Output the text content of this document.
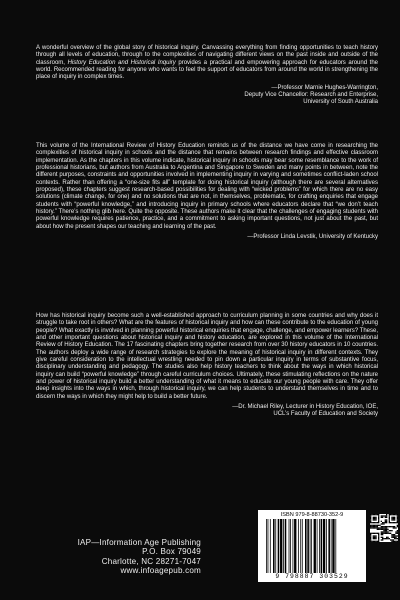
A wonderful overview of the global story of historical inquiry. Canvassing everything from finding opportunities to teach history through all levels of education, through to the complexities of navigating different views on the past inside and outside of the classroom, History Education and Historical Inquiry provides a practical and empowering approach for educators around the world. Recommended reading for anyone who wants to feel the support of educators from around the world in strengthening the place of inquiry in complex times.

—Professor Marnie Hughes-Warrington,
Deputy Vice Chancellor: Research and Enterprise,
University of South Australia

This volume of the International Review of History Education reminds us of the distance we have come in researching the complexities of historical inquiry in schools and the distance that remains between research findings and effective classroom implementation. As the chapters in this volume indicate, historical inquiry in schools may bear some resemblance to the work of professional historians, but authors from Australia to Argentina and Singapore to Sweden and many points in between, note the different purposes, constraints and opportunities involved in implementing inquiry in varying and sometimes conflict-laden school contexts. Rather than offering a “one-size fits all” template for doing historical inquiry (although there are several alternatives proposed), these chapters suggest research-based possibilities for dealing with “wicked problems” for which there are no easy solutions (climate change, for one) and no solutions that are not, in themselves, problematic, for crafting enquiries that engage students with “powerful knowledge,” and introducing inquiry in primary schools where educators declare that “we don’t teach history.” There’s nothing glib here. Quite the opposite. These authors make it clear that the challenges of engaging students with powerful knowledge requires patience, practice, and a commitment to asking important questions, not just about the past, but about how the present shapes our teaching and learning of the past.

—Professor Linda Levstik, University of Kentucky

How has historical inquiry become such a well-established approach to curriculum planning in some countries and why does it struggle to take root in others? What are the features of historical inquiry and how can these contribute to the education of young people? What exactly is involved in planning powerful historical enquiries that engage, challenge, and empower learners? These, and other important questions about historical inquiry and history education, are explored in this volume of the International Review of History Education. The 17 fascinating chapters bring together research from over 30 history educators in 10 countries. The authors deploy a wide range of research strategies to explore the meaning of historical inquiry in different contexts. They give careful consideration to the intellectual wrestling needed to pin down a particular inquiry in terms of substantive focus, disciplinary understanding and pedagogy. The studies also help history teachers to think about the ways in which historical inquiry can build “powerful knowledge” through careful curriculum choices. Ultimately, these stimulating reflections on the nature and power of historical inquiry build a better understanding of what it means to educate our young people with care. They offer deep insights into the ways in which, through historical inquiry, we can help students to understand themselves in time and to discern the ways in which they might help to build a better future.

—Dr. Michael Riley, Lecturer in History Education, IOE,
UCL’s Faculty of Education and Society
IAP—Information Age Publishing
P.O. Box 79049
Charlotte, NC 28271-7047
www.infoagepub.com
ISBN 979-8-88730-352-9
9 798887 303529
